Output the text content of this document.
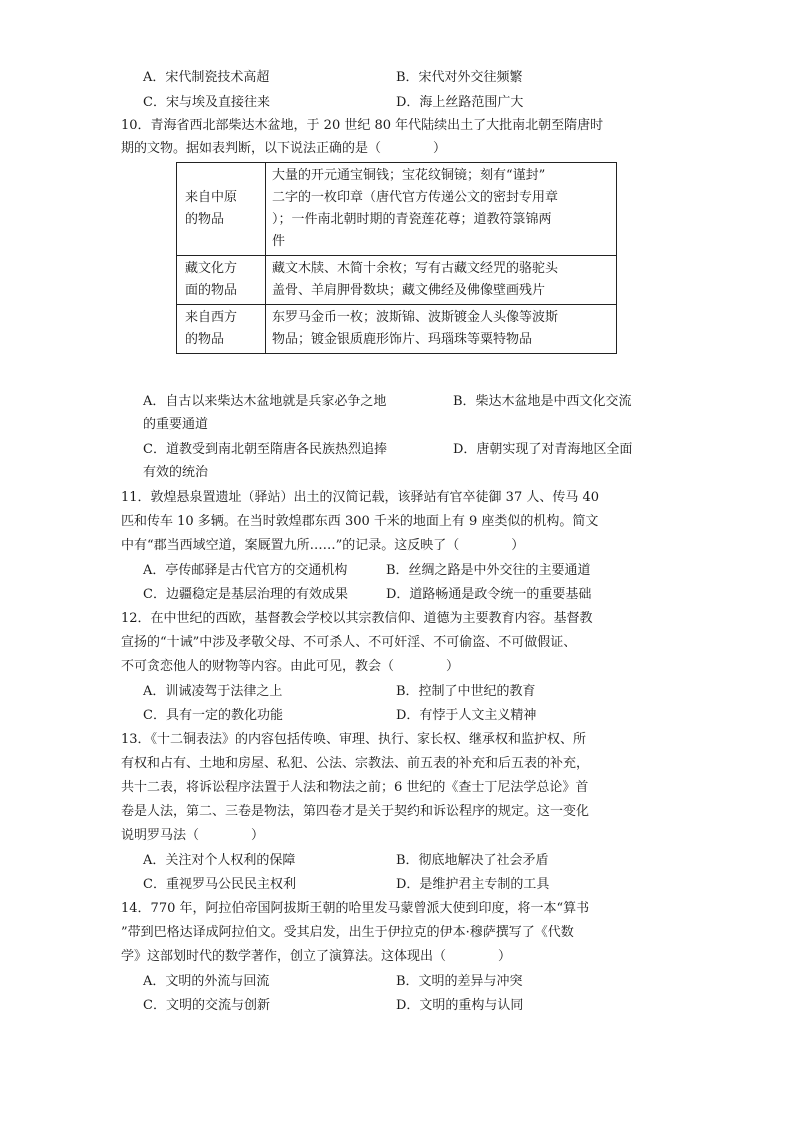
A．宋代制瓷技术高超	B．宋代对外交往频繁
C．宋与埃及直接往来	D．海上丝路范围广大
10．青海省西北部柴达木盆地，于 20 世纪 80 年代陆续出土了大批南北朝至隋唐时
期的文物。据如表判断，以下说法正确的是（　　　　）
来自中原
的物品	大量的开元通宝铜钱；宝花纹铜镜；刻有“谨封”
二字的一枚印章（唐代官方传递公文的密封专用章
）；一件南北朝时期的青瓷莲花尊；道教符箓锦两
件

藏文化方
面的物品	藏文木牍、木简十余枚；写有古藏文经咒的骆驼头
盖骨、羊肩胛骨数块；藏文佛经及佛像壁画残片

来自西方
的物品	东罗马金币一枚；波斯锦、波斯镀金人头像等波斯
物品；镀金银质鹿形饰片、玛瑙珠等粟特物品
A．自古以来柴达木盆地就是兵家必争之地	B．柴达木盆地是中西文化交流
的重要通道
C．道教受到南北朝至隋唐各民族热烈追捧	D．唐朝实现了对青海地区全面
有效的统治
11．敦煌悬泉置遗址（驿站）出土的汉简记载，该驿站有官卒徒御 37 人、传马 40
匹和传车 10 多辆。在当时敦煌郡东西 300 千米的地面上有 9 座类似的机构。简文
中有“郡当西域空道，案厩置九所……”的记录。这反映了（　　　　）
A．亭传邮驿是古代官方的交通机构	B．丝绸之路是中外交往的主要通道
C．边疆稳定是基层治理的有效成果	D．道路畅通是政令统一的重要基础
12．在中世纪的西欧，基督教会学校以其宗教信仰、道德为主要教育内容。基督教
宣扬的“十诫”中涉及孝敬父母、不可杀人、不可奸淫、不可偷盗、不可做假证、
不可贪恋他人的财物等内容。由此可见，教会（　　　　）
A．训诫凌驾于法律之上	B．控制了中世纪的教育
C．具有一定的教化功能	D．有悖于人文主义精神
13．《十二铜表法》的内容包括传唤、审理、执行、家长权、继承权和监护权、所
有权和占有、土地和房屋、私犯、公法、宗教法、前五表的补充和后五表的补充，
共十二表，将诉讼程序法置于人法和物法之前；6 世纪的《查士丁尼法学总论》首
卷是人法，第二、三卷是物法，第四卷才是关于契约和诉讼程序的规定。这一变化
说明罗马法（　　　　）
A．关注对个人权利的保障	B．彻底地解决了社会矛盾
C．重视罗马公民民主权利	D．是维护君主专制的工具
14．770 年，阿拉伯帝国阿拔斯王朝的哈里发马蒙曾派大使到印度，将一本“算书
”带到巴格达译成阿拉伯文。受其启发，出生于伊拉克的伊本·穆萨撰写了《代数
学》这部划时代的数学著作，创立了演算法。这体现出（　　　　）
A．文明的外流与回流	B．文明的差异与冲突
C．文明的交流与创新	D．文明的重构与认同
